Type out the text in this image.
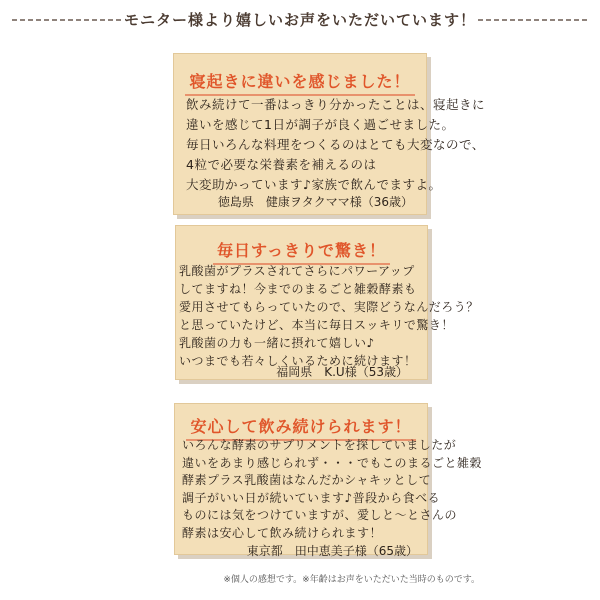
モニター様より嬉しいお声をいただいています！
寝起きに違いを感じました！
飲み続けて一番はっきり分かったことは、寝起きに
違いを感じて1日が調子が良く過ごせました。
毎日いろんな料理をつくるのはとても大変なので、
4粒で必要な栄養素を補えるのは
大変助かっています♪家族で飲んでますよ。
徳島県　健康ヲタクママ様（36歳）
毎日すっきりで驚き！
乳酸菌がプラスされてさらにパワーアップ
してますね！今までのまるごと雑穀酵素も
愛用させてもらっていたので、実際どうなんだろう？
と思っていたけど、本当に毎日スッキリで驚き！
乳酸菌の力も一緒に摂れて嬉しい♪
いつまでも若々しくいるために続けます！
福岡県　K.U様（53歳）
安心して飲み続けられます！
いろんな酵素のサプリメントを探していましたが
違いをあまり感じられず・・・でもこのまるごと雑穀
酵素プラス乳酸菌はなんだかシャキッとして
調子がいい日が続いています♪普段から食べる
ものには気をつけていますが、愛しと～とさんの
酵素は安心して飲み続けられます！
東京都　田中恵美子様（65歳）
※個人の感想です。※年齢はお声をいただいた当時のものです。
